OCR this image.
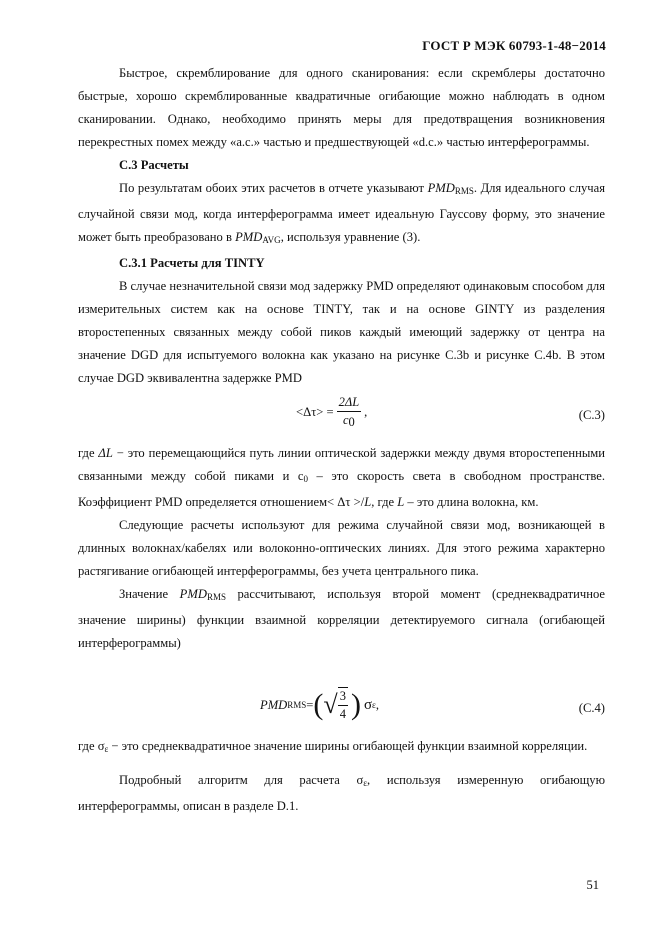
ГОСТ Р МЭК 60793-1-48−2014

Быстрое, скремблирование для одного сканирования: если скремблеры достаточно быстрые, хорошо скремблированные квадратичные огибающие можно наблюдать в одном сканировании. Однако, необходимо принять меры для предотвращения возникновения перекрестных помех между «а.с.» частью и предшествующей «d.c.» частью интерферограммы.

С.3 Расчеты

По результатам обоих этих расчетов в отчете указывают $PMD_{RMS}$. Для идеального случая случайной связи мод, когда интерферограмма имеет идеальную Гауссову форму, это значение может быть преобразовано в $PMD_{AVG}$, используя уравнение (3).

С.3.1 Расчеты для TINTY

В случае незначительной связи мод задержку PMD определяют одинаковым способом для измерительных систем как на основе TINTY, так и на основе GINTY из разделения второстепенных связанных между собой пиков каждый имеющий задержку от центра на значение DGD для испытуемого волокна как указано на рисунке С.3b и рисунке С.4b. В этом случае DGD эквивалентна задержке PMD

$<\Delta\tau> = \frac{2\Delta L}{c0}$ ,	(С.3)

где ΔL − это перемещающийся путь линии оптической задержки между двумя второстепенными связанными между собой пиками и $c_0$ – это скорость света в свободном пространстве. Коэффициент PMD определяется отношением< Δτ >/L, где L – это длина волокна, км.

Следующие расчеты используют для режима случайной связи мод, возникающей в длинных волокнах/кабелях или волоконно-оптических линиях. Для этого режима характерно растягивание огибающей интерферограммы, без учета центрального пика.

Значение $PMD_{RMS}$ рассчитывают, используя второй момент (среднеквадратичное значение ширины) функции взаимной корреляции детектируемого сигнала (огибающей интерферограммы)

PMD RMS = ( √ $\frac{3}{4}$ ) σ ε ,	(С.4)

где $\sigma_\varepsilon$ − это среднеквадратичное значение ширины огибающей функции взаимной корреляции.

Подробный алгоритм для расчета $\sigma_\varepsilon$, используя измеренную огибающую интерферограммы, описан в разделе D.1.

51
